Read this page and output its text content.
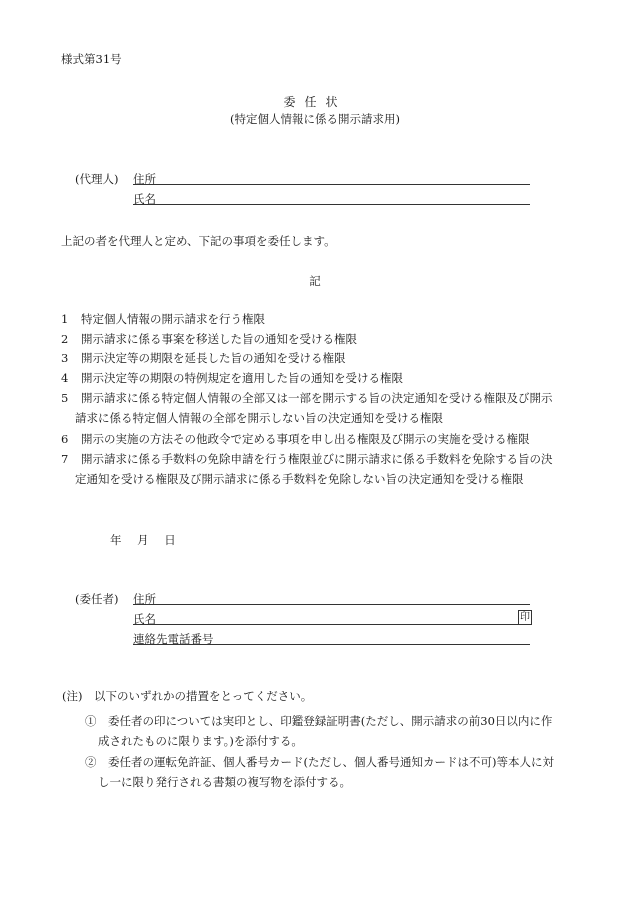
様式第31号
委任状
(特定個人情報に係る開示請求用)
(代理人) 住所
氏名
上記の者を代理人と定め、下記の事項を委任します。
記
1 特定個人情報の開示請求を行う権限
2 開示請求に係る事案を移送した旨の通知を受ける権限
3 開示決定等の期限を延長した旨の通知を受ける権限
4 開示決定等の期限の特例規定を適用した旨の通知を受ける権限
5 開示請求に係る特定個人情報の全部又は一部を開示する旨の決定通知を受ける権限及び開示
請求に係る特定個人情報の全部を開示しない旨の決定通知を受ける権限
6 開示の実施の方法その他政令で定める事項を申し出る権限及び開示の実施を受ける権限
7 開示請求に係る手数料の免除申請を行う権限並びに開示請求に係る手数料を免除する旨の決
定通知を受ける権限及び開示請求に係る手数料を免除しない旨の決定通知を受ける権限
年 月 日
(委任者) 住所
氏名	印
連絡先電話番号
(注)　以下のいずれかの措置をとってください。
①　 委任者の印については実印とし、印鑑登録証明書(ただし、開示請求の前30日以内に作
成されたものに限ります。)を添付する。
②　 委任者の運転免許証、個人番号カード(ただし、個人番号通知カードは不可)等本人に対
し一に限り発行される書類の複写物を添付する。
